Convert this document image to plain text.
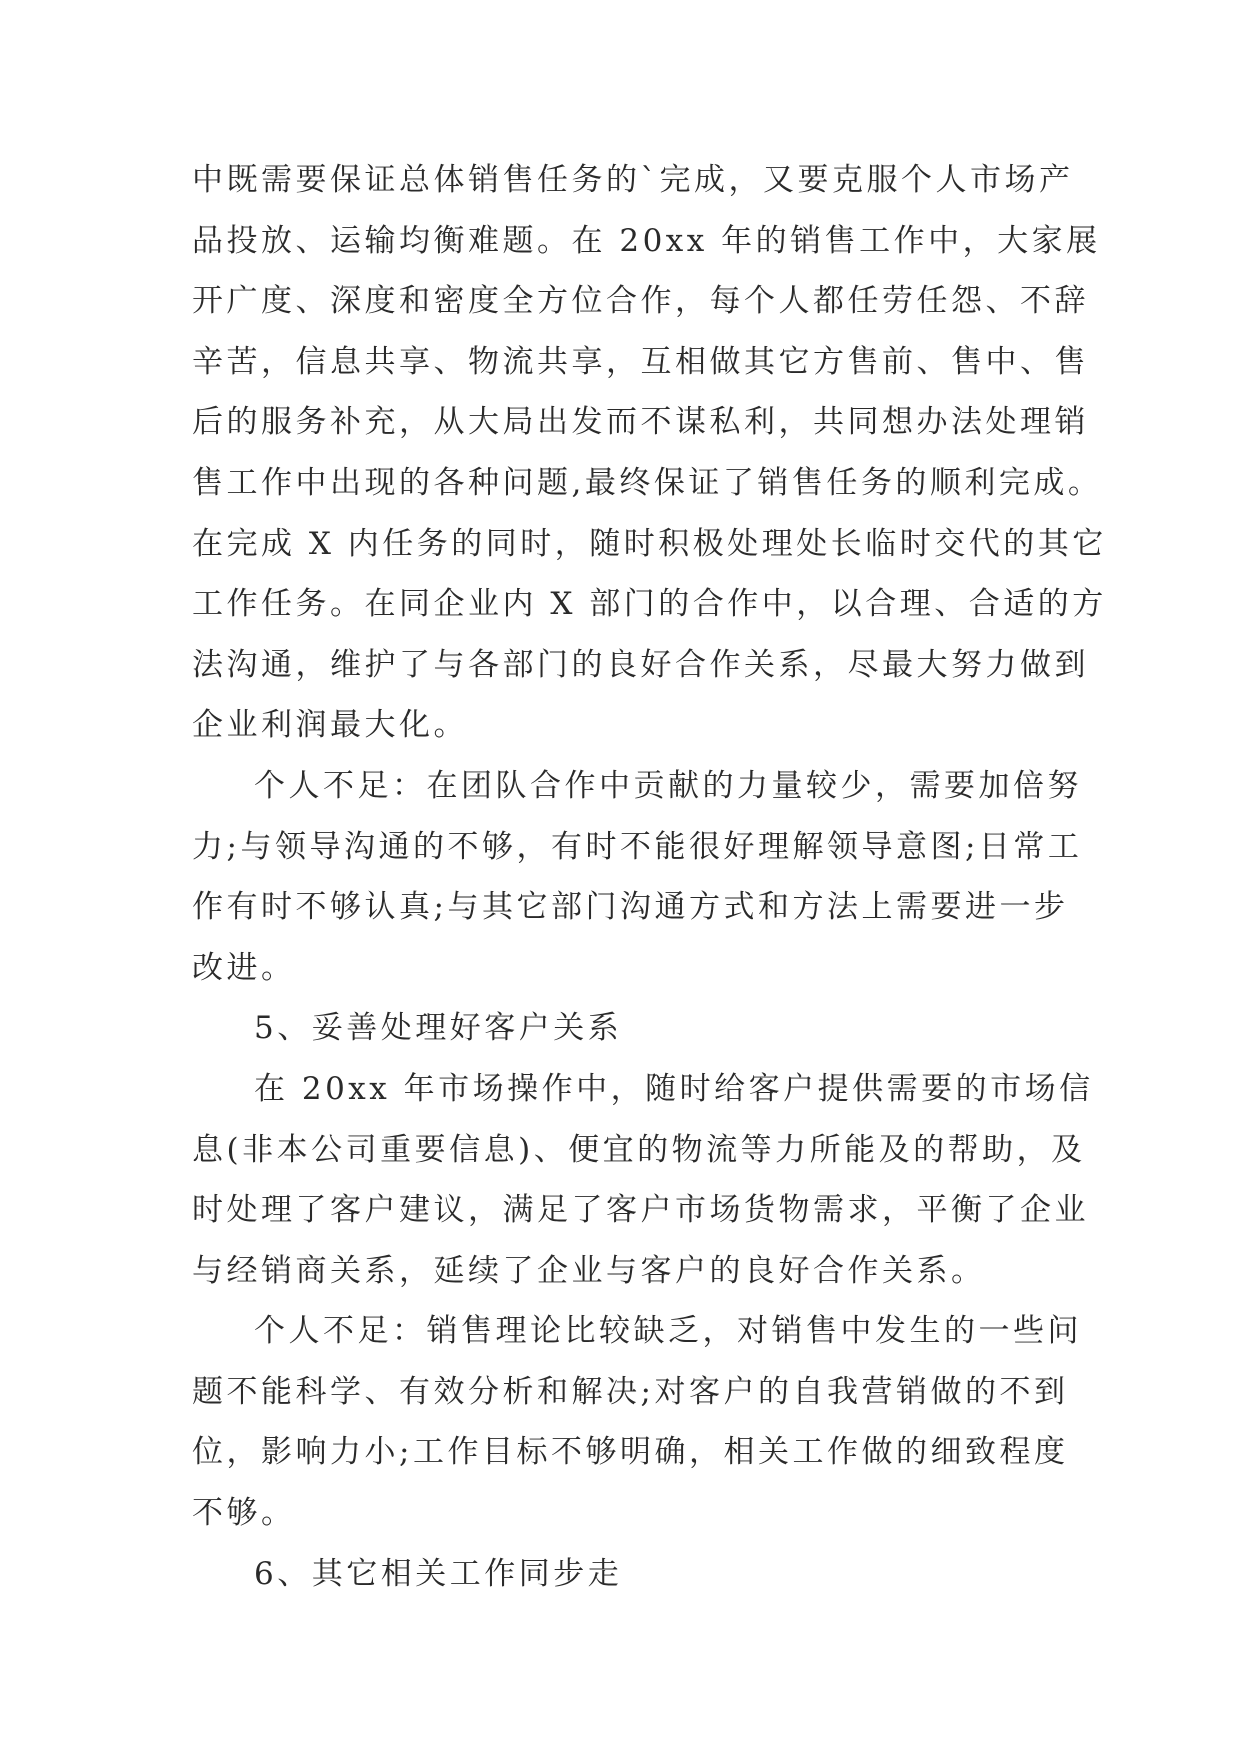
中既需要保证总体销售任务的`完成，又要克服个人市场产
品投放、运输均衡难题。在 20xx 年的销售工作中，大家展
开广度、深度和密度全方位合作，每个人都任劳任怨、不辞
辛苦，信息共享、物流共享，互相做其它方售前、售中、售
后的服务补充，从大局出发而不谋私利，共同想办法处理销
售工作中出现的各种问题,最终保证了销售任务的顺利完成。
在完成 X 内任务的同时，随时积极处理处长临时交代的其它
工作任务。在同企业内 X 部门的合作中，以合理、合适的方
法沟通，维护了与各部门的良好合作关系，尽最大努力做到
企业利润最大化。
个人不足：在团队合作中贡献的力量较少，需要加倍努
力;与领导沟通的不够，有时不能很好理解领导意图;日常工
作有时不够认真;与其它部门沟通方式和方法上需要进一步
改进。
5、妥善处理好客户关系
在 20xx 年市场操作中，随时给客户提供需要的市场信
息(非本公司重要信息)、便宜的物流等力所能及的帮助，及
时处理了客户建议，满足了客户市场货物需求，平衡了企业
与经销商关系，延续了企业与客户的良好合作关系。
个人不足：销售理论比较缺乏，对销售中发生的一些问
题不能科学、有效分析和解决;对客户的自我营销做的不到
位，影响力小;工作目标不够明确，相关工作做的细致程度
不够。
6、其它相关工作同步走
